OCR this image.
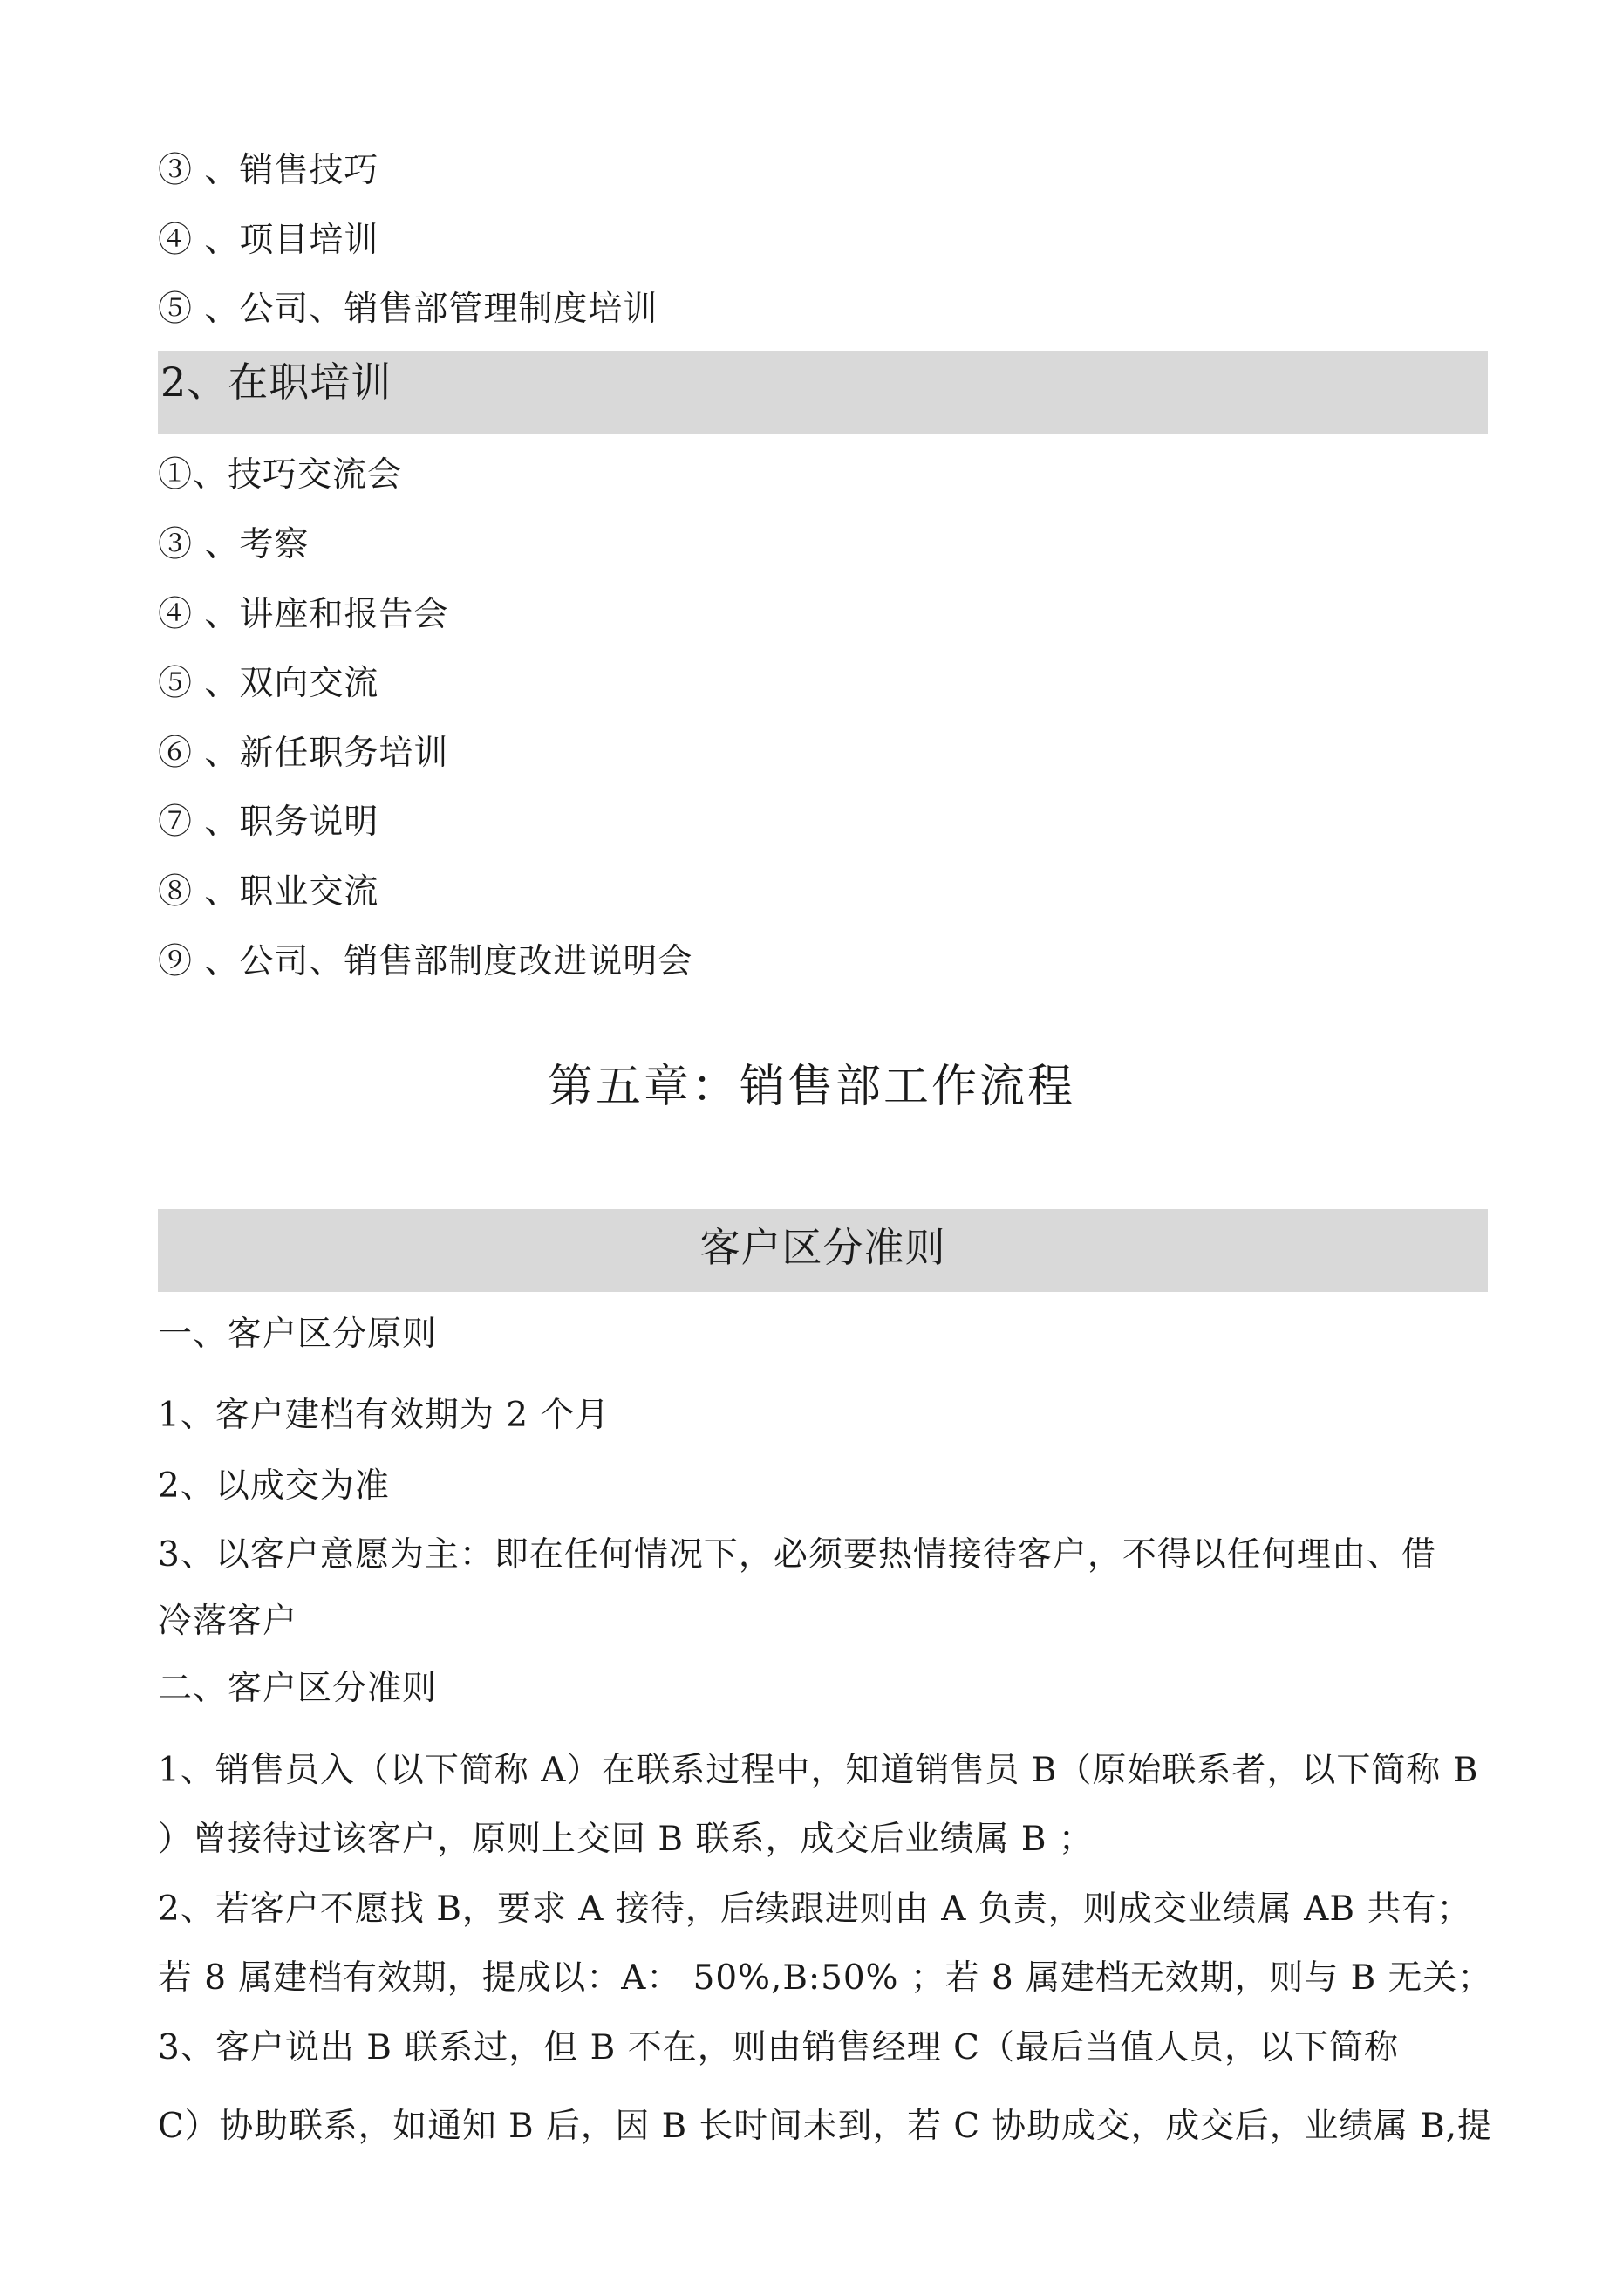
③ 、销售技巧
④ 、项目培训
⑤ 、公司、销售部管理制度培训
2、在职培训
①、技巧交流会
③ 、考察
④ 、讲座和报告会
⑤ 、双向交流
⑥ 、新任职务培训
⑦ 、职务说明
⑧ 、职业交流
⑨ 、公司、销售部制度改进说明会
第五章：销售部工作流程
客户区分准则
一、客户区分原则
1、客户建档有效期为 2 个月
2、以成交为准
3、以客户意愿为主：即在任何情况下，必须要热情接待客户，不得以任何理由、借
冷落客户
二、客户区分准则
1、销售员入（以下简称 A）在联系过程中，知道销售员 B（原始联系者，以下简称 B
）曾接待过该客户，原则上交回 B 联系，成交后业绩属 B ；
2、若客户不愿找 B，要求 A 接待，后续跟进则由 A 负责，则成交业绩属 AB 共有；
若 8 属建档有效期，提成以：A： 50%,B:50% ；若 8 属建档无效期，则与 B 无关；
3、客户说出 B 联系过，但 B 不在，则由销售经理 C（最后当值人员，以下简称
C）协助联系，如通知 B 后，因 B 长时间未到，若 C 协助成交，成交后，业绩属 B,提
